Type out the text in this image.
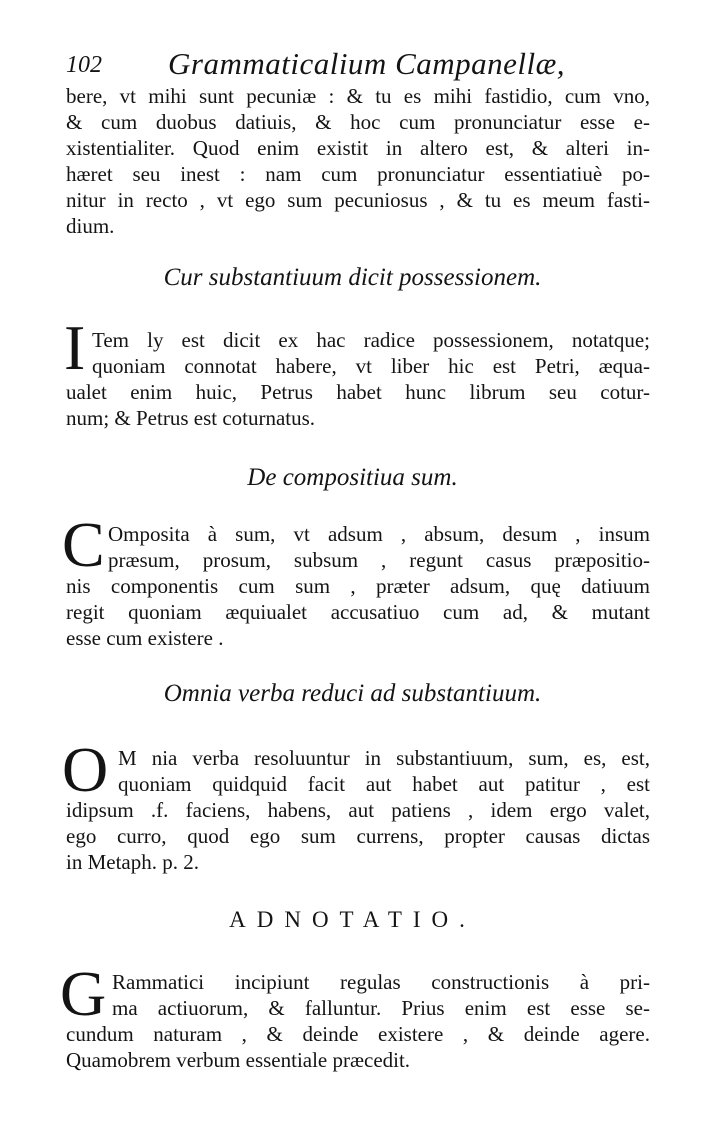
102 Grammaticalium Campanellæ,
bere, vt mihi sunt pecuniæ : & tu es mihi fastidio, cum vno,
& cum duobus datiuis, & hoc cum pronunciatur esse e-
xistentialiter. Quod enim existit in altero est, & alteri in-
hæret seu inest : nam cum pronunciatur essentiatiuè po-
nitur in recto , vt ego sum pecuniosus , & tu es meum fasti-
dium.
Cur substantiuum dicit possessionem.
I Tem ly est dicit ex hac radice possessionem, notatque;
quoniam connotat habere, vt liber hic est Petri, æqua-
ualet enim huic, Petrus habet hunc librum seu cotur-
num; & Petrus est coturnatus.
De compositiua sum.
C Omposita à sum, vt adsum , absum, desum , insum
præsum, prosum, subsum , regunt casus præpositio-
nis componentis cum sum , præter adsum, quę datiuum
regit quoniam æquiualet accusatiuo cum ad, & mutant
esse cum existere .
Omnia verba reduci ad substantiuum.
O M nia verba resoluuntur in substantiuum, sum, es, est,
quoniam quidquid facit aut habet aut patitur , est
idipsum .f. faciens, habens, aut patiens , idem ergo valet,
ego curro, quod ego sum currens, propter causas dictas
in Metaph. p. 2.
ADNOTATIO.
G Rammatici incipiunt regulas constructionis à pri-
ma actiuorum, & falluntur. Prius enim est esse se-
cundum naturam , & deinde existere , & deinde agere.
Quamobrem verbum essentiale præcedit.
